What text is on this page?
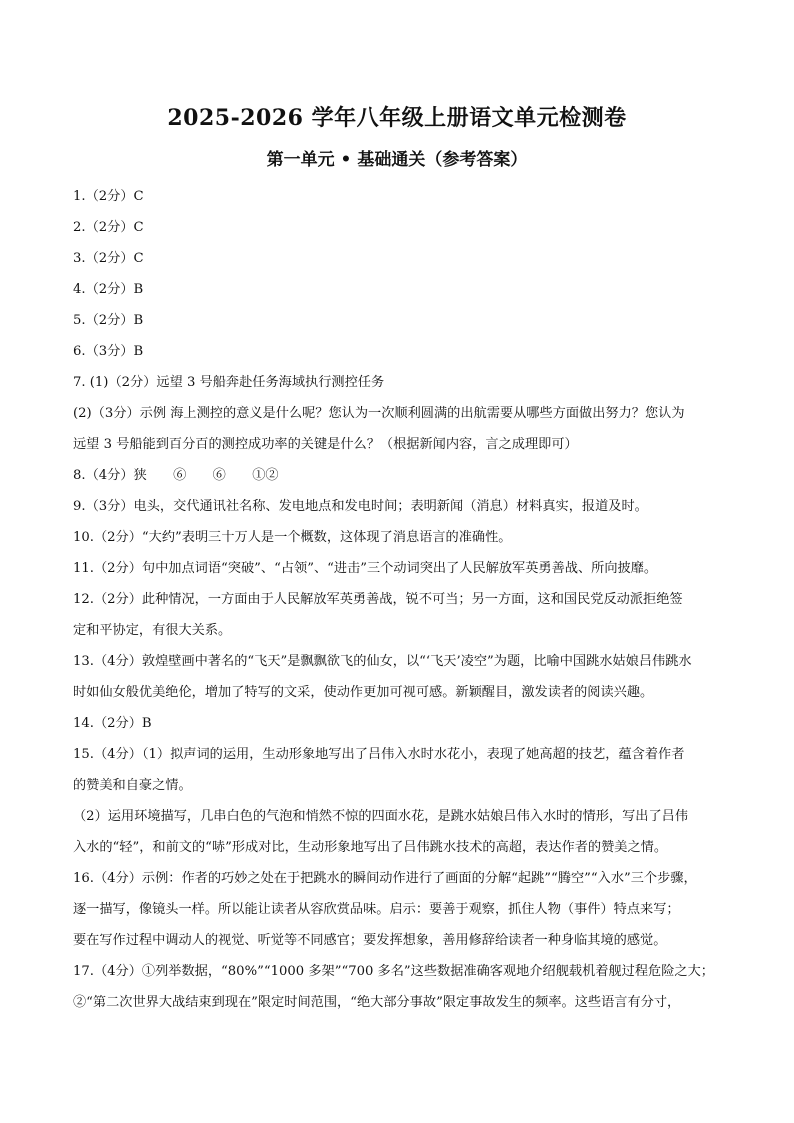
2025-2026 学年八年级上册语文单元检测卷
第一单元 • 基础通关（参考答案）
1.（2分）C
2.（2分）C
3.（2分）C
4.（2分）B
5.（2分）B
6.（3分）B
7. (1)（2分）远望 3 号船奔赴任务海域执行测控任务
(2)（3分）示例 海上测控的意义是什么呢？您认为一次顺利圆满的出航需要从哪些方面做出努力？您认为
远望 3 号船能到百分百的测控成功率的关键是什么？（根据新闻内容，言之成理即可）
8.（4分）狭　　⑥　　⑥　　①②
9.（3分）电头，交代通讯社名称、发电地点和发电时间；表明新闻（消息）材料真实，报道及时。
10.（2分）“大约”表明三十万人是一个概数，这体现了消息语言的准确性。
11.（2分）句中加点词语“突破”、“占领”、“进击”三个动词突出了人民解放军英勇善战、所向披靡。
12.（2分）此种情况，一方面由于人民解放军英勇善战，锐不可当；另一方面，这和国民党反动派拒绝签
定和平协定，有很大关系。
13.（4分）敦煌壁画中著名的“飞天”是飘飘欲飞的仙女，以“‘飞天’凌空”为题，比喻中国跳水姑娘吕伟跳水
时如仙女般优美绝伦，增加了特写的文采，使动作更加可视可感。新颖醒目，激发读者的阅读兴趣。
14.（2分）B
15.（4分）（1）拟声词的运用，生动形象地写出了吕伟入水时水花小，表现了她高超的技艺，蕴含着作者
的赞美和自豪之情。
（2）运用环境描写，几串白色的气泡和悄然不惊的四面水花，是跳水姑娘吕伟入水时的情形，写出了吕伟
入水的“轻”，和前文的“哧”形成对比，生动形象地写出了吕伟跳水技术的高超，表达作者的赞美之情。
16.（4分）示例：作者的巧妙之处在于把跳水的瞬间动作进行了画面的分解“起跳”“腾空”“入水”三个步骤，
逐一描写，像镜头一样。所以能让读者从容欣赏品味。启示：要善于观察，抓住人物（事件）特点来写；
要在写作过程中调动人的视觉、听觉等不同感官；要发挥想象，善用修辞给读者一种身临其境的感觉。
17.（4分）①列举数据，“80%”“1000 多架”“700 多名”这些数据准确客观地介绍舰载机着舰过程危险之大；
②“第二次世界大战结束到现在”限定时间范围，“绝大部分事故”限定事故发生的频率。这些语言有分寸，
